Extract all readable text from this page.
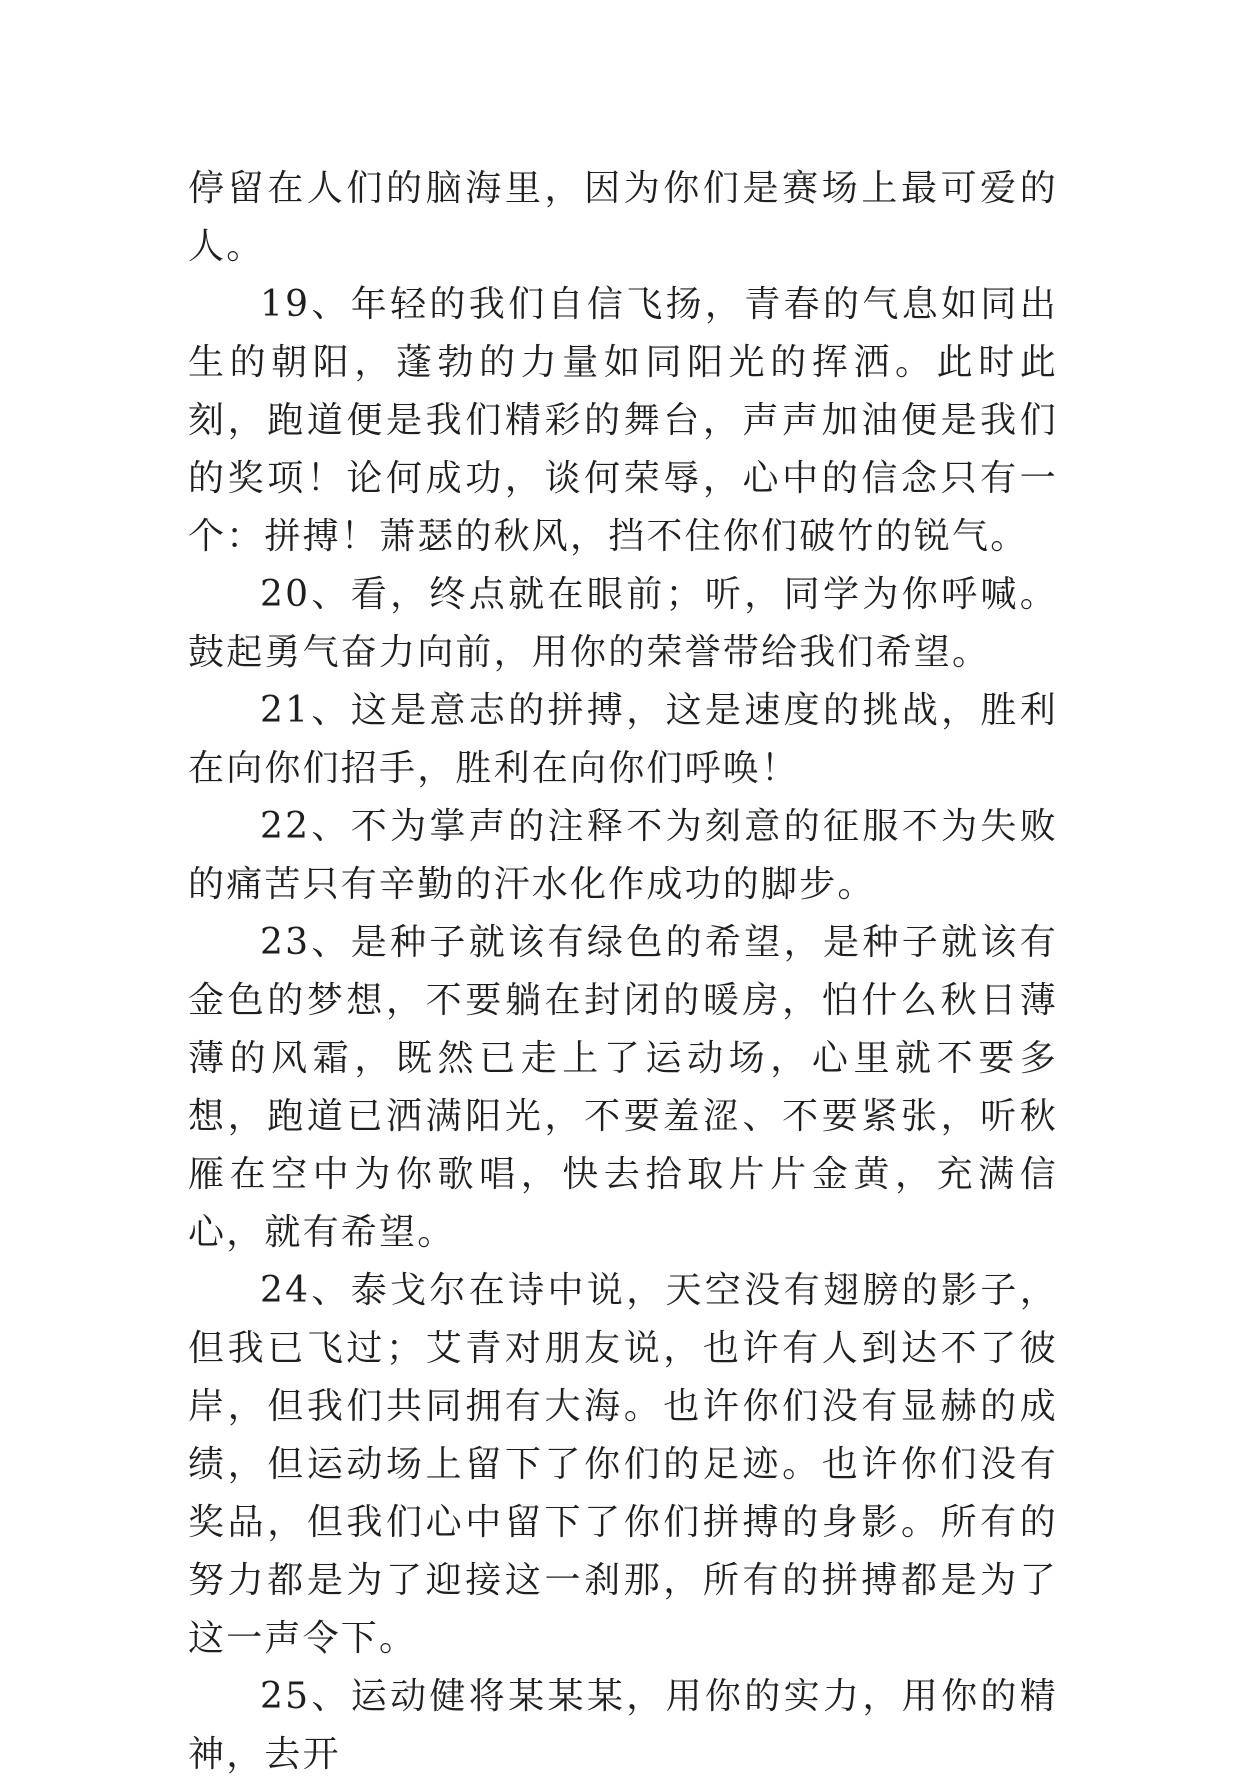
停留在人们的脑海里，因为你们是赛场上最可爱的人。

19、年轻的我们自信飞扬，青春的气息如同出生的朝阳，蓬勃的力量如同阳光的挥洒。此时此刻，跑道便是我们精彩的舞台，声声加油便是我们的奖项！论何成功，谈何荣辱，心中的信念只有一个：拼搏！萧瑟的秋风，挡不住你们破竹的锐气。

20、看，终点就在眼前；听，同学为你呼喊。鼓起勇气奋力向前，用你的荣誉带给我们希望。

21、这是意志的拼搏，这是速度的挑战，胜利在向你们招手，胜利在向你们呼唤！

22、不为掌声的注释不为刻意的征服不为失败的痛苦只有辛勤的汗水化作成功的脚步。

23、是种子就该有绿色的希望，是种子就该有金色的梦想，不要躺在封闭的暖房，怕什么秋日薄薄的风霜，既然已走上了运动场，心里就不要多想，跑道已洒满阳光，不要羞涩、不要紧张，听秋雁在空中为你歌唱，快去拾取片片金黄，充满信心，就有希望。

24、泰戈尔在诗中说，天空没有翅膀的影子，但我已飞过；艾青对朋友说，也许有人到达不了彼岸，但我们共同拥有大海。也许你们没有显赫的成绩，但运动场上留下了你们的足迹。也许你们没有奖品，但我们心中留下了你们拼搏的身影。所有的努力都是为了迎接这一刹那，所有的拼搏都是为了这一声令下。

25、运动健将某某某，用你的实力，用你的精神，去开
